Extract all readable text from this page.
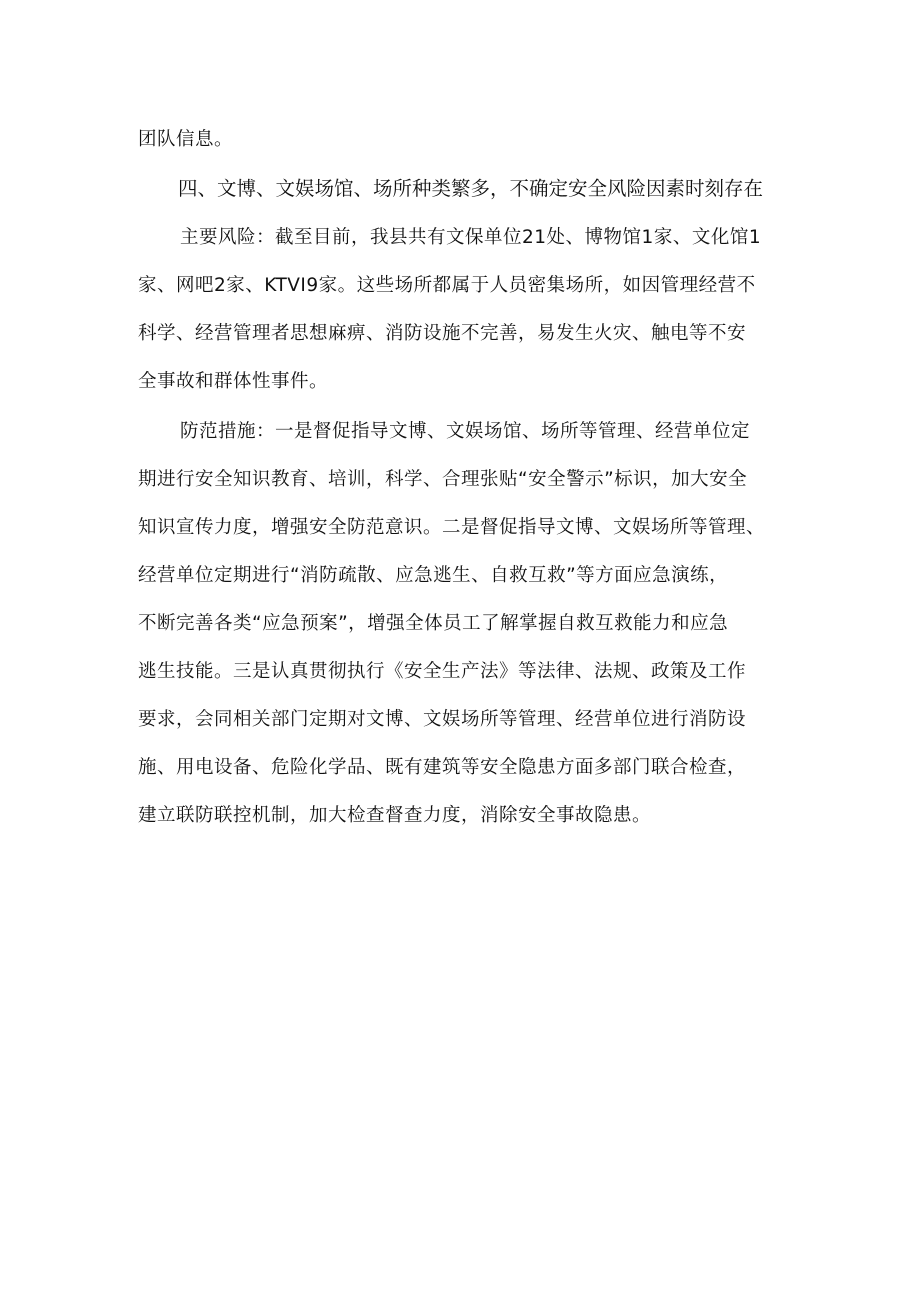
团队信息。

四、文博、文娱场馆、场所种类繁多，不确定安全风险因素时刻存在

主要风险：截至目前，我县共有文保单位21处、博物馆1家、文化馆1

家、网吧2家、KTVI9家。这些场所都属于人员密集场所，如因管理经营不

科学、经营管理者思想麻痹、消防设施不完善，易发生火灾、触电等不安

全事故和群体性事件。

防范措施：一是督促指导文博、文娱场馆、场所等管理、经营单位定

期进行安全知识教育、培训，科学、合理张贴“安全警示”标识，加大安全

知识宣传力度，增强安全防范意识。二是督促指导文博、文娱场所等管理、

经营单位定期进行“消防疏散、应急逃生、自救互救”等方面应急演练，

不断完善各类“应急预案”，增强全体员工了解掌握自救互救能力和应急

逃生技能。三是认真贯彻执行《安全生产法》等法律、法规、政策及工作

要求，会同相关部门定期对文博、文娱场所等管理、经营单位进行消防设

施、用电设备、危险化学品、既有建筑等安全隐患方面多部门联合检查，

建立联防联控机制，加大检查督查力度，消除安全事故隐患。
